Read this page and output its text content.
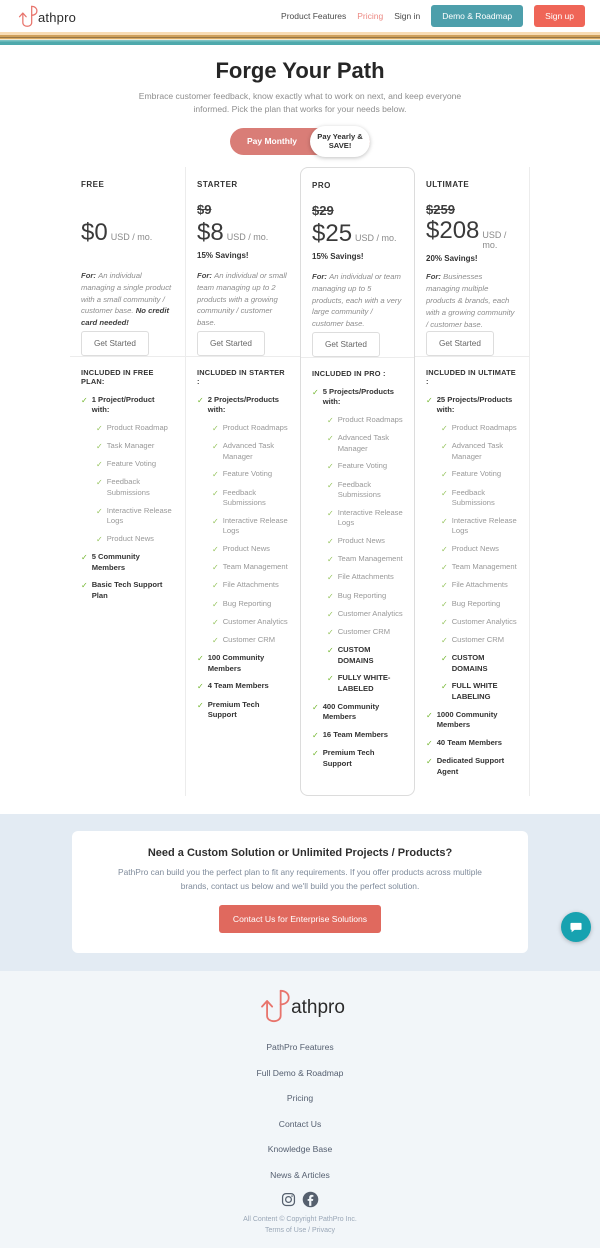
athpro	Product Features Pricing Sign in	Demo & Roadmap	Sign up
Forge Your Path

Embrace customer feedback, know exactly what to work on next, and keep everyone informed. Pick the plan that works for your needs below.

Pay Monthly	Pay Yearly & SAVE!
FREE
$0 USD / mo.
For: An individual managing a single product with a small community / customer base. No credit card needed!
Get Started
INCLUDED IN FREE PLAN:
✓ 1 Project/Product with:
✓ Product Roadmap
✓ Task Manager
✓ Feature Voting
✓ Feedback Submissions
✓ Interactive Release Logs
✓ Product News
✓ 5 Community Members
✓ Basic Tech Support Plan
STARTER
$9
$8 USD / mo.
15% Savings!
For: An individual or small team managing up to 2 products with a growing community / customer base.
Get Started
INCLUDED IN STARTER :
✓ 2 Projects/Products with:
✓ Product Roadmaps
✓ Advanced Task Manager
✓ Feature Voting
✓ Feedback Submissions
✓ Interactive Release Logs
✓ Product News
✓ Team Management
✓ File Attachments
✓ Bug Reporting
✓ Customer Analytics
✓ Customer CRM
✓ 100 Community Members
✓ 4 Team Members
✓ Premium Tech Support
PRO
$29
$25 USD / mo.
15% Savings!
For: An individual or team managing up to 5 products, each with a very large community / customer base.
Get Started
INCLUDED IN PRO :
✓ 5 Projects/Products with:
✓ Product Roadmaps
✓ Advanced Task Manager
✓ Feature Voting
✓ Feedback Submissions
✓ Interactive Release Logs
✓ Product News
✓ Team Management
✓ File Attachments
✓ Bug Reporting
✓ Customer Analytics
✓ Customer CRM
✓ CUSTOM DOMAINS
✓ FULLY WHITE-LABELED
✓ 400 Community Members
✓ 16 Team Members
✓ Premium Tech Support
ULTIMATE
$259
$208 USD / mo.
20% Savings!
For: Businesses managing multiple products & brands, each with a growing community / customer base.
Get Started
INCLUDED IN ULTIMATE :
✓ 25 Projects/Products with:
✓ Product Roadmaps
✓ Advanced Task Manager
✓ Feature Voting
✓ Feedback Submissions
✓ Interactive Release Logs
✓ Product News
✓ Team Management
✓ File Attachments
✓ Bug Reporting
✓ Customer Analytics
✓ Customer CRM
✓ CUSTOM DOMAINS
✓ FULL WHITE LABELING
✓ 1000 Community Members
✓ 40 Team Members
✓ Dedicated Support Agent
Need a Custom Solution or Unlimited Projects / Products?

PathPro can build you the perfect plan to fit any requirements. If you offer products across multiple brands, contact us below and we'll build you the perfect solution.

Contact Us for Enterprise Solutions
athpro
PathPro Features
Full Demo & Roadmap
Pricing
Contact Us
Knowledge Base
News & Articles
All Content © Copyright PathPro Inc.
Terms of Use / Privacy
